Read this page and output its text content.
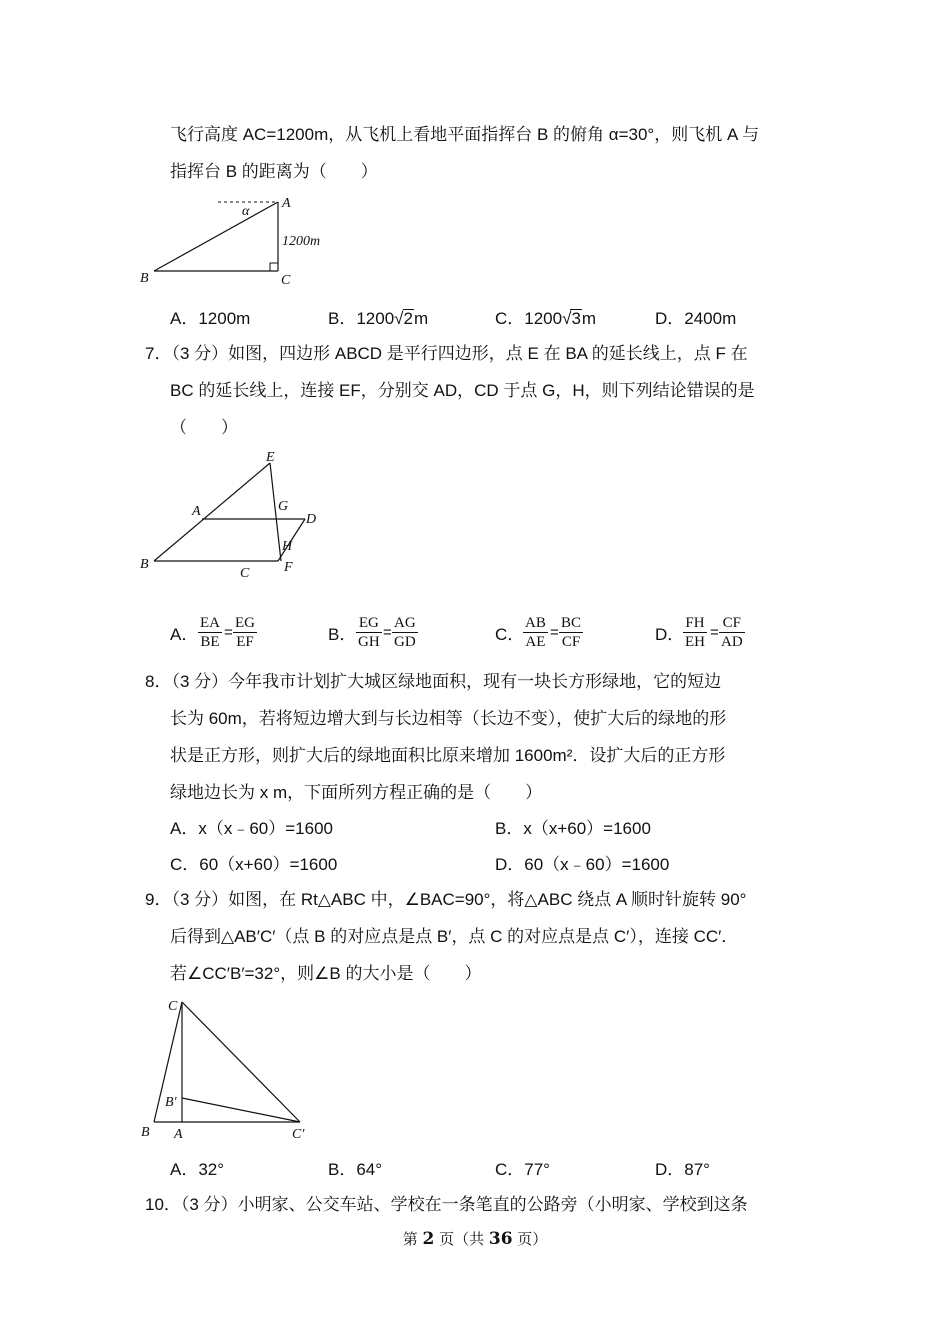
飞行高度 AC=1200m，从飞机上看地平面指挥台 B 的俯角 α=30°，则飞机 A 与
指挥台 B 的距离为（　　）
α
A
1200m
B	C
A．1200m	B．1200√2m	C．1200√3m	D．2400m
7．（3 分）如图，四边形 ABCD 是平行四边形，点 E 在 BA 的延长线上，点 F 在
BC 的延长线上，连接 EF，分别交 AD，CD 于点 G，H，则下列结论错误的是
（　　）
E
A	G
D
H
B
C F
A． $\frac{EA}{BE} = \frac{EG}{EF}$	B． $\frac{EG}{GH} = \frac{AG}{GD}$	C．
$\frac{AB}{AE} = \frac{BC}{CF}$	D．
$\frac{FH}{EH} = \frac{CF}{AD}$
8．（3 分）今年我市计划扩大城区绿地面积，现有一块长方形绿地，它的短边
长为 60m，若将短边增大到与长边相等（长边不变），使扩大后的绿地的形
状是正方形，则扩大后的绿地面积比原来增加 1600m²．设扩大后的正方形
绿地边长为 x m，下面所列方程正确的是（　　）
A．x（x﹣60）=1600	B．x（x+60）=1600
C．60（x+60）=1600	D．60（x﹣60）=1600
9．（3 分）如图，在 Rt△ABC 中，∠BAC=90°，将△ABC 绕点 A 顺时针旋转 90°
后得到△AB′C′（点 B 的对应点是点 B′，点 C 的对应点是点 C′），连接 CC′．
若∠CC′B′=32°，则∠B 的大小是（　　）
C
B′
B A	C′
A．32°	B．64°	C．77°	D．87°
10．（3 分）小明家、公交车站、学校在一条笔直的公路旁（小明家、学校到这条
第 2 页（共 36 页）
